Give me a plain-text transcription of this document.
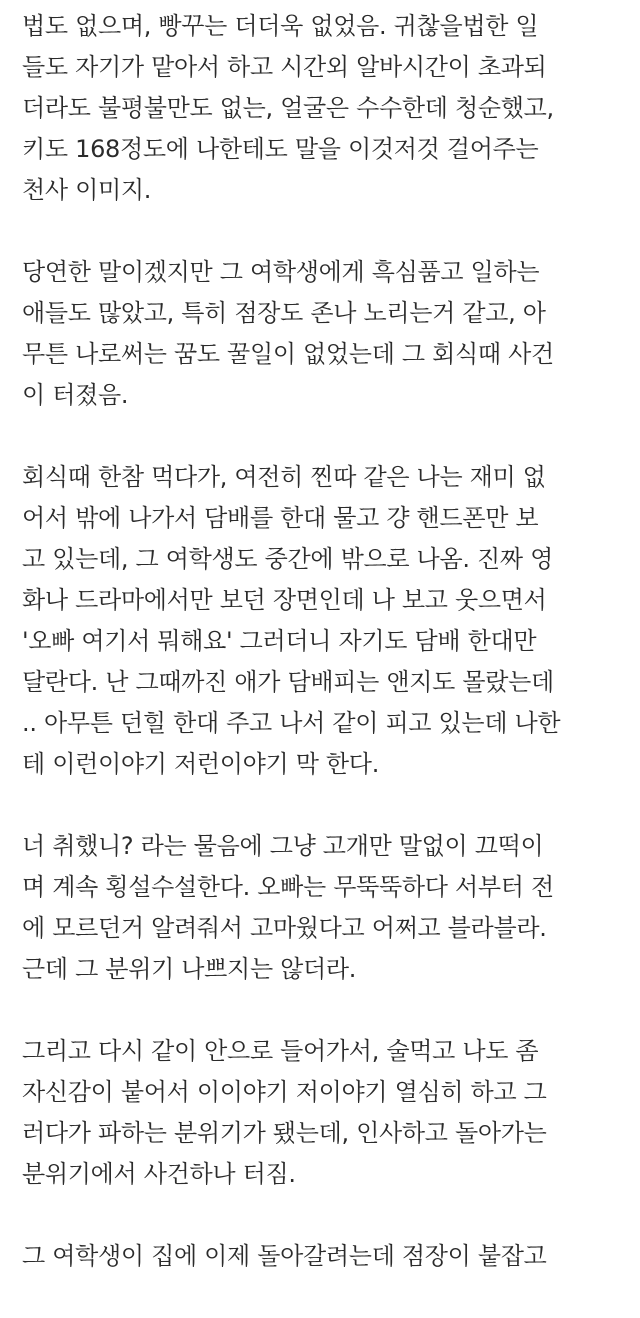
법도 없으며, 빵꾸는 더더욱 없었음. 귀찮을법한 일
들도 자기가 맡아서 하고 시간외 알바시간이 초과되
더라도 불평불만도 없는, 얼굴은 수수한데 청순했고,
키도 168정도에 나한테도 말을 이것저것 걸어주는
천사 이미지.
당연한 말이겠지만 그 여학생에게 흑심품고 일하는
애들도 많았고, 특히 점장도 존나 노리는거 같고, 아
무튼 나로써는 꿈도 꿀일이 없었는데 그 회식때 사건
이 터졌음.
회식때 한참 먹다가, 여전히 찐따 같은 나는 재미 없
어서 밖에 나가서 담배를 한대 물고 걍 핸드폰만 보
고 있는데, 그 여학생도 중간에 밖으로 나옴. 진짜 영
화나 드라마에서만 보던 장면인데 나 보고 웃으면서
'오빠 여기서 뭐해요' 그러더니 자기도 담배 한대만
달란다. 난 그때까진 애가 담배피는 앤지도 몰랐는데
.. 아무튼 던힐 한대 주고 나서 같이 피고 있는데 나한
테 이런이야기 저런이야기 막 한다.
너 취했니? 라는 물음에 그냥 고개만 말없이 끄떡이
며 계속 횡설수설한다. 오빠는 무뚝뚝하다 서부터 전
에 모르던거 알려줘서 고마웠다고 어쩌고 블라블라.
근데 그 분위기 나쁘지는 않더라.
그리고 다시 같이 안으로 들어가서, 술먹고 나도 좀
자신감이 붙어서 이이야기 저이야기 열심히 하고 그
러다가 파하는 분위기가 됐는데, 인사하고 돌아가는
분위기에서 사건하나 터짐.
그 여학생이 집에 이제 돌아갈려는데 점장이 붙잡고
